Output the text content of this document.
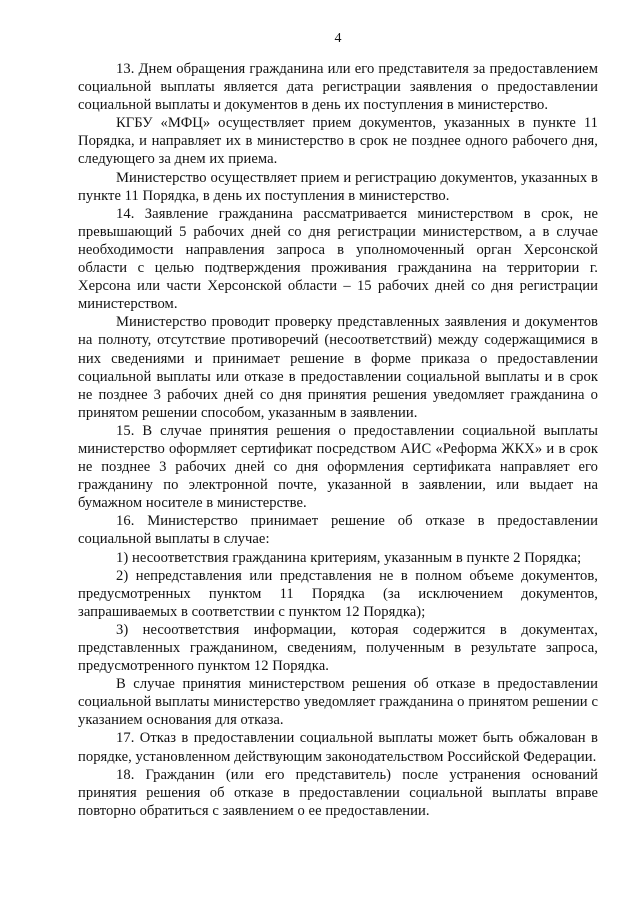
4

13. Днем обращения гражданина или его представителя за предоставлением социальной выплаты является дата регистрации заявления о предоставлении социальной выплаты и документов в день их поступления в министерство.

КГБУ «МФЦ» осуществляет прием документов, указанных в пункте 11 Порядка, и направляет их в министерство в срок не позднее одного рабочего дня, следующего за днем их приема.

Министерство осуществляет прием и регистрацию документов, указанных в пункте 11 Порядка, в день их поступления в министерство.

14. Заявление гражданина рассматривается министерством в срок, не превышающий 5 рабочих дней со дня регистрации министерством, а в случае необходимости направления запроса в уполномоченный орган Херсонской области с целью подтверждения проживания гражданина на территории г. Херсона или части Херсонской области – 15 рабочих дней со дня регистрации министерством.

Министерство проводит проверку представленных заявления и документов на полноту, отсутствие противоречий (несоответствий) между содержащимися в них сведениями и принимает решение в форме приказа о предоставлении социальной выплаты или отказе в предоставлении социальной выплаты и в срок не позднее 3 рабочих дней со дня принятия решения уведомляет гражданина о принятом решении способом, указанным в заявлении.

15. В случае принятия решения о предоставлении социальной выплаты министерство оформляет сертификат посредством АИС «Реформа ЖКХ» и в срок не позднее 3 рабочих дней со дня оформления сертификата направляет его гражданину по электронной почте, указанной в заявлении, или выдает на бумажном носителе в министерстве.

16. Министерство принимает решение об отказе в предоставлении социальной выплаты в случае:

1) несоответствия гражданина критериям, указанным в пункте 2 Порядка;

2) непредставления или представления не в полном объеме документов, предусмотренных пунктом 11 Порядка (за исключением документов, запрашиваемых в соответствии с пунктом 12 Порядка);

3) несоответствия информации, которая содержится в документах, представленных гражданином, сведениям, полученным в результате запроса, предусмотренного пунктом 12 Порядка.

В случае принятия министерством решения об отказе в предоставлении социальной выплаты министерство уведомляет гражданина о принятом решении с указанием основания для отказа.

17. Отказ в предоставлении социальной выплаты может быть обжалован в порядке, установленном действующим законодательством Российской Федерации.

18. Гражданин (или его представитель) после устранения оснований принятия решения об отказе в предоставлении социальной выплаты вправе повторно обратиться с заявлением о ее предоставлении.
